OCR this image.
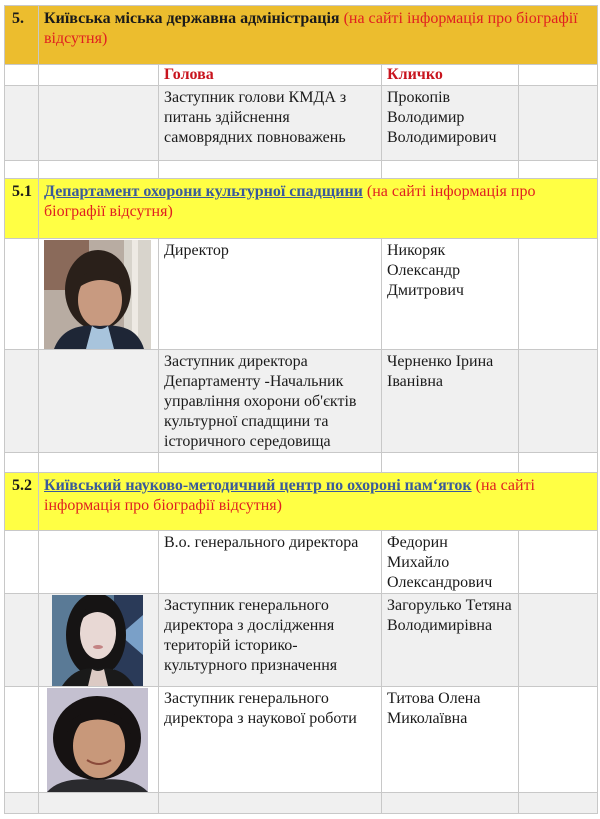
5.	Київська міська державна адміністрація (на сайті інформація про біографії відсутня)			
		Голова	Кличко	
		Заступник голови КМДА з питань здійснення самоврядних повноважень	Прокопів Володимир Володимирович	

5.1	Департамент охорони культурної спадщини (на сайті інформація про біографії відсутня)			

	Директор	Никоряк Олександр Дмитрович	
		Заступник директора Департаменту -Начальник управління охорони об'єктів культурної спадщини та історичного середовища	Черненко Ірина Іванівна	

5.2	Київський науково-методичний центр по охороні пам‘яток (на сайті інформація про біографії відсутня)			
		В.о. генерального директора	Федорин Михайло Олександрович	

	Заступник генерального директора з дослідження територій історико-культурного призначення	Загорулько Тетяна Володимирівна	

	Заступник генерального директора з наукової роботи	Титова Олена Миколаївна	
